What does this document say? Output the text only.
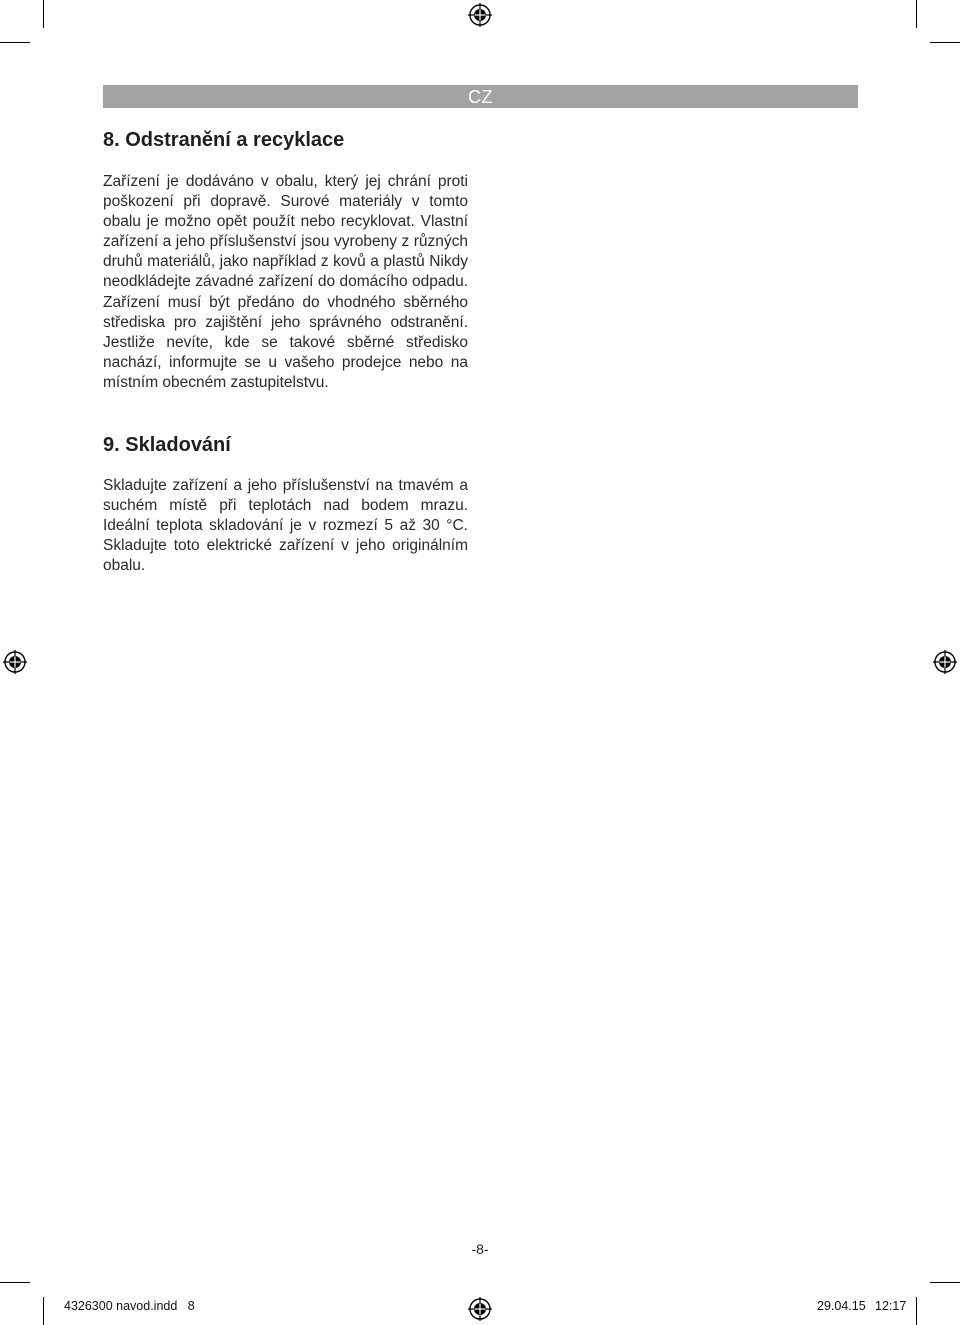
CZ
8. Odstranění a recyklace

Zařízení je dodáváno v obalu, který jej chrání proti poškození při dopravě. Surové materiály v tomto obalu je možno opět použít nebo recyklovat. Vlastní zařízení a jeho příslušenství jsou vyrobeny z různých druhů materiálů, jako například z kovů a plastů Nikdy neodkládejte závadné zařízení do domácího odpadu. Zařízení musí být předáno do vhodného sběrného střediska pro zajištění jeho správného odstranění. Jestliže nevíte, kde se takové sběrné středisko nachází, informujte se u vašeho prodejce nebo na místním obecném zastupitelstvu.

9. Skladování

Skladujte zařízení a jeho příslušenství na tmavém a suchém místě při teplotách nad bodem mrazu. Ideální teplota skladování je v rozmezí 5 až 30 °C. Skladujte toto elektrické zařízení v jeho originálním obalu.

-8-
4326300 navod.indd   8	29.04.15 12:17
